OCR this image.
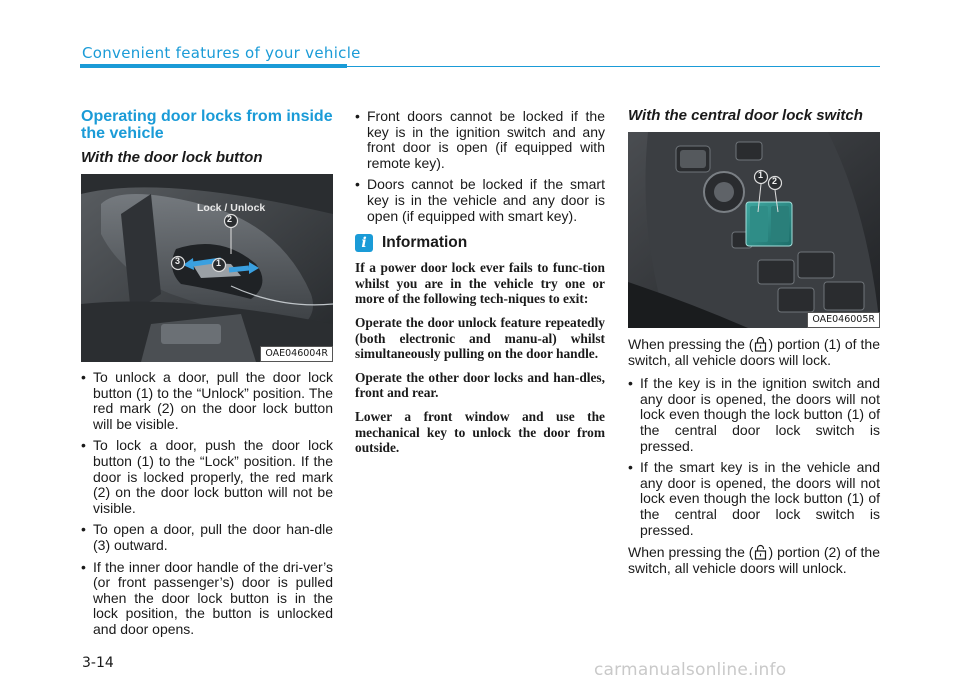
Convenient features of your vehicle
Operating door locks from inside the vehicle
With the door lock button
Lock / Unlock
2
1
3
OAE046004R
• To unlock a door, pull the door lock button (1) to the “Unlock” position. The red mark (2) on the door lock button will be visible.
• To lock a door, push the door lock button (1) to the “Lock” position. If the door is locked properly, the red mark (2) on the door lock button will not be visible.
• To open a door, pull the door han-dle (3) outward.
• If the inner door handle of the dri-ver’s (or front passenger’s) door is pulled when the door lock button is in the lock position, the button is unlocked and door opens.
• Front doors cannot be locked if the key is in the ignition switch and any front door is open (if equipped with remote key).
• Doors cannot be locked if the smart key is in the vehicle and any door is open (if equipped with smart key).
i Information

If a power door lock ever fails to func-tion whilst you are in the vehicle try one or more of the following tech-niques to exit:

Operate the door unlock feature repeatedly (both electronic and manu-al) whilst simultaneously pulling on the door handle.

Operate the other door locks and han-dles, front and rear.

Lower a front window and use the mechanical key to unlock the door from outside.

With the central door lock switch
1
2
OAE046005R

When pressing the ( ) portion (1) of the switch, all vehicle doors will lock.

• If the key is in the ignition switch and any door is opened, the doors will not lock even though the lock button (1) of the central door lock switch is pressed.
• If the smart key is in the vehicle and any door is opened, the doors will not lock even though the lock button (1) of the central door lock switch is pressed.

When pressing the ( ) portion (2) of the switch, all vehicle doors will unlock.

3-14	carmanualsonline.info
